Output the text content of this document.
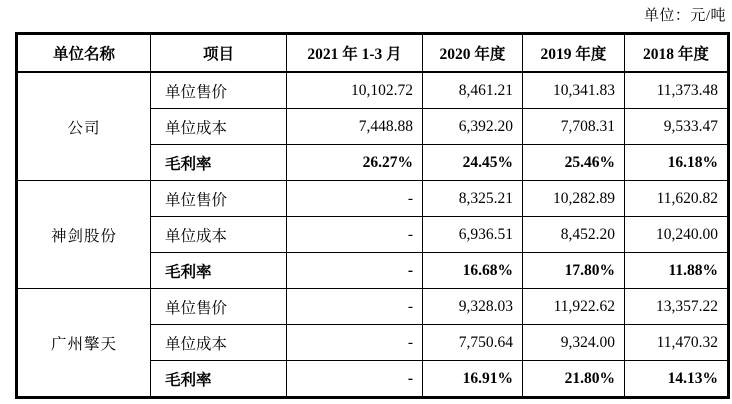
单位：元/吨
单位名称	项目	2021 年 1-3 月	2020 年度	2019 年度	2018 年度
公司	单位售价	10,102.72	8,461.21	10,341.83	11,373.48
	单位成本	7,448.88	6,392.20	7,708.31	9,533.47
	毛利率	26.27%	24.45%	25.46%	16.18%
神剑股份	单位售价	-	8,325.21	10,282.89	11,620.82
	单位成本	-	6,936.51	8,452.20	10,240.00
	毛利率	-	16.68%	17.80%	11.88%
广州擎天	单位售价	-	9,328.03	11,922.62	13,357.22
	单位成本	-	7,750.64	9,324.00	11,470.32
	毛利率	-	16.91%	21.80%	14.13%
